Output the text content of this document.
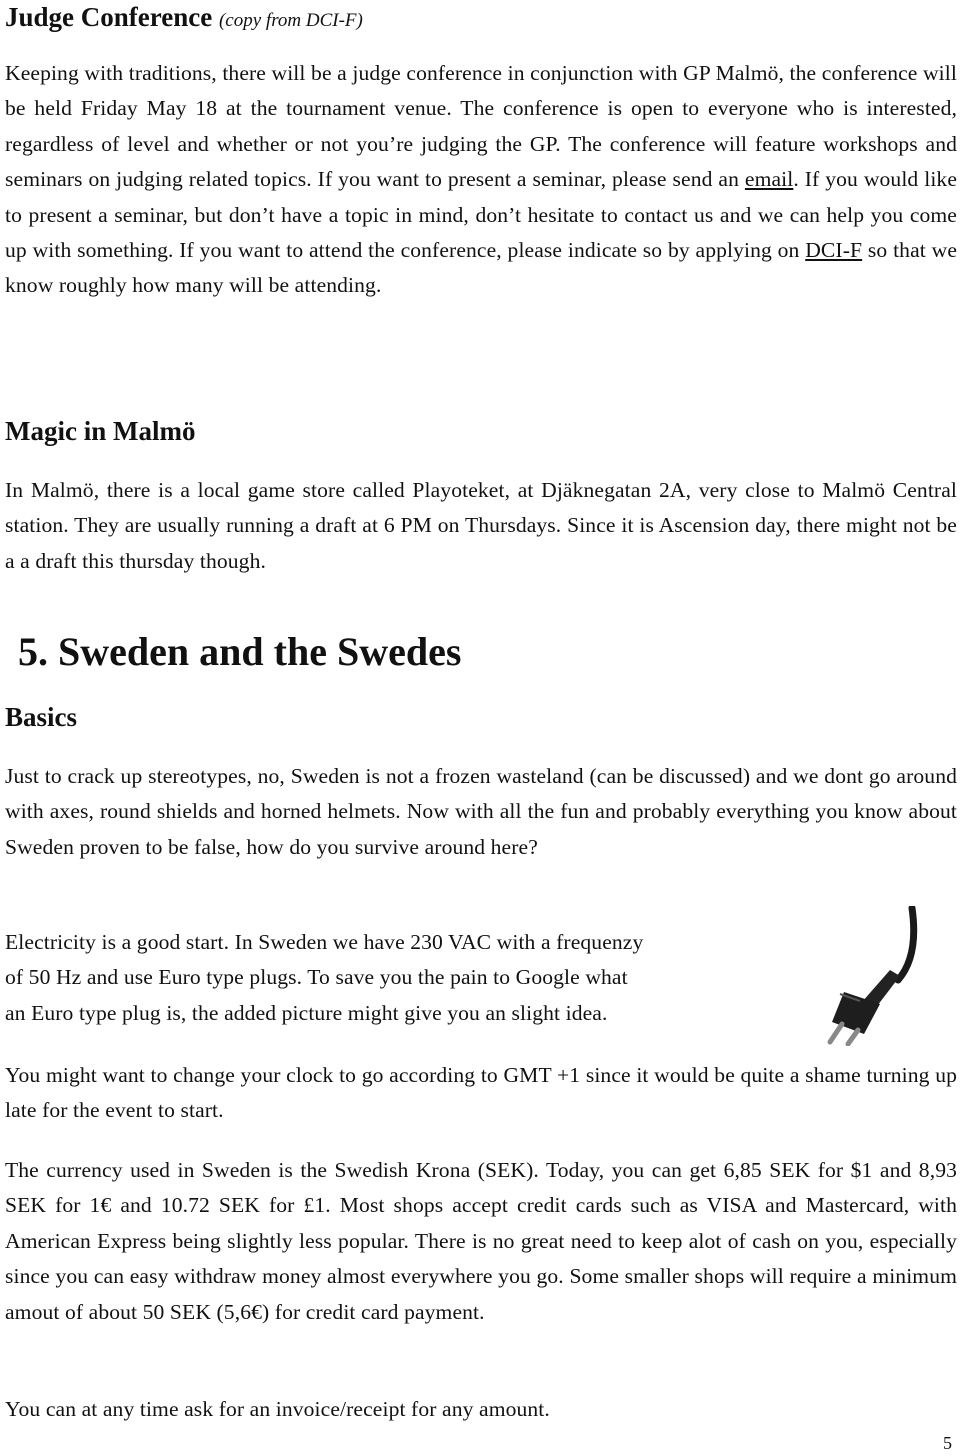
Judge Conference (copy from DCI-F)

Keeping with traditions, there will be a judge conference in conjunction with GP Malmö, the conference will be held Friday May 18 at the tournament venue. The conference is open to everyone who is interested, regardless of level and whether or not you’re judging the GP. The conference will feature workshops and seminars on judging related topics. If you want to present a seminar, please send an email. If you would like to present a seminar, but don’t have a topic in mind, don’t hesitate to contact us and we can help you come up with something. If you want to attend the conference, please indicate so by applying on DCI-F so that we know roughly how many will be attending.

Magic in Malmö

In Malmö, there is a local game store called Playoteket, at Djäknegatan 2A, very close to Malmö Central station. They are usually running a draft at 6 PM on Thursdays. Since it is Ascension day, there might not be a a draft this thursday though.

5. Sweden and the Swedes
Basics

Just to crack up stereotypes, no, Sweden is not a frozen wasteland (can be discussed) and we dont go around with axes, round shields and horned helmets. Now with all the fun and probably everything you know about Sweden proven to be false, how do you survive around here?

Electricity is a good start. In Sweden we have 230 VAC with a frequenzy
of 50 Hz and use Euro type plugs. To save you the pain to Google what
an Euro type plug is, the added picture might give you an slight idea.

You might want to change your clock to go according to GMT +1 since it would be quite a shame turning up late for the event to start.

The currency used in Sweden is the Swedish Krona (SEK). Today, you can get 6,85 SEK for $1 and 8,93 SEK for 1€ and 10.72 SEK for £1. Most shops accept credit cards such as VISA and Mastercard, with American Express being slightly less popular. There is no great need to keep alot of cash on you, especially since you can easy withdraw money almost everywhere you go. Some smaller shops will require a minimum amout of about 50 SEK (5,6€) for credit card payment.

You can at any time ask for an invoice/receipt for any amount.

5
